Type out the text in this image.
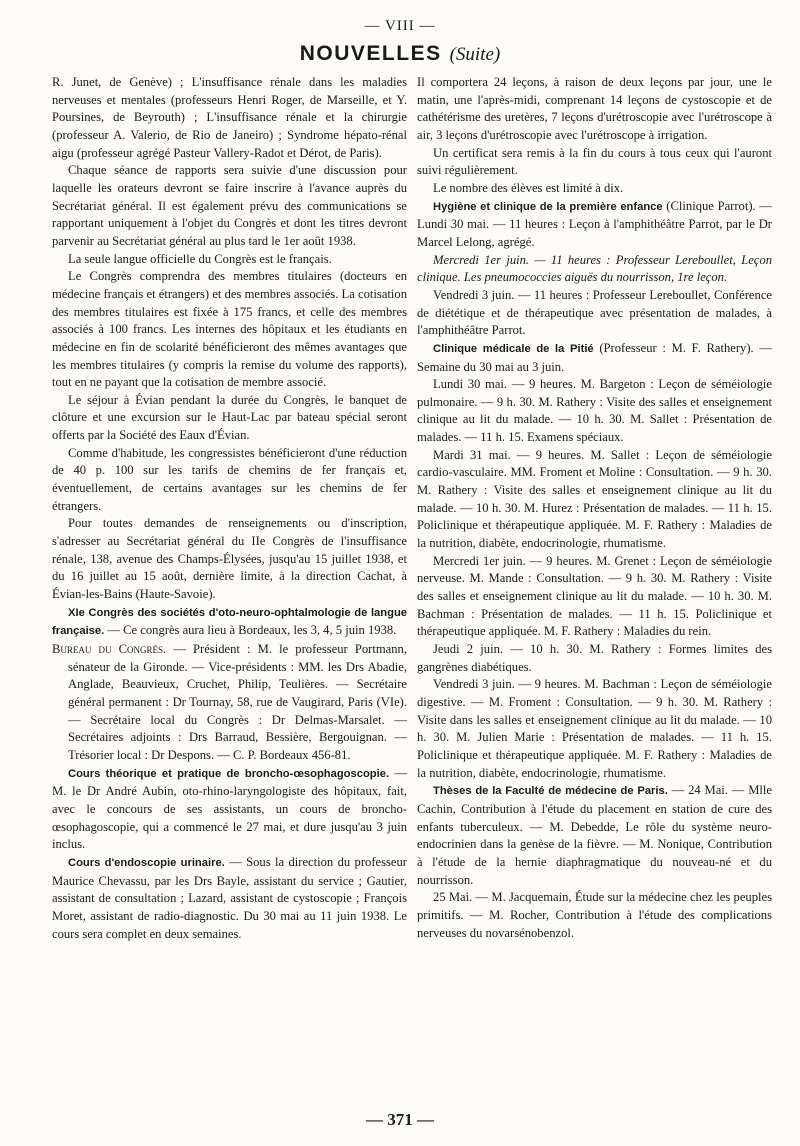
— VIII —
NOUVELLES (Suite)

R. Junet, de Genève) ; L'insuffisance rénale dans les maladies nerveuses et mentales (professeurs Henri Roger, de Marseille, et Y. Poursines, de Beyrouth) ; L'insuffisance rénale et la chirurgie (professeur A. Valerio, de Rio de Janeiro) ; Syndrome hépato-rénal aigu (professeur agrégé Pasteur Vallery-Radot et Dérot, de Paris).

Chaque séance de rapports sera suivie d'une discussion pour laquelle les orateurs devront se faire inscrire à l'avance auprès du Secrétariat général. Il est également prévu des communications se rapportant uniquement à l'objet du Congrès et dont les titres devront parvenir au Secrétariat général au plus tard le 1er août 1938.

La seule langue officielle du Congrès est le français.

Le Congrès comprendra des membres titulaires (docteurs en médecine français et étrangers) et des membres associés. La cotisation des membres titulaires est fixée à 175 francs, et celle des membres associés à 100 francs. Les internes des hôpitaux et les étudiants en médecine en fin de scolarité bénéficieront des mêmes avantages que les membres titulaires (y compris la remise du volume des rapports), tout en ne payant que la cotisation de membre associé.

Le séjour à Évian pendant la durée du Congrès, le banquet de clôture et une excursion sur le Haut-Lac par bateau spécial seront offerts par la Société des Eaux d'Évian.

Comme d'habitude, les congressistes bénéficieront d'une réduction de 40 p. 100 sur les tarifs de chemins de fer français et, éventuellement, de certains avantages sur les chemins de fer étrangers.

Pour toutes demandes de renseignements ou d'inscription, s'adresser au Secrétariat général du IIe Congrès de l'insuffisance rénale, 138, avenue des Champs-Élysées, jusqu'au 15 juillet 1938, et du 16 juillet au 15 août, dernière limite, à la direction Cachat, à Évian-les-Bains (Haute-Savoie).

XIe Congrès des sociétés d'oto-neuro-ophtalmologie de langue française. — Ce congrès aura lieu à Bordeaux, les 3, 4, 5 juin 1938.

Bureau du Congrès. — Président : M. le professeur Portmann, sénateur de la Gironde. — Vice-présidents : MM. les Drs Abadie, Anglade, Beauvieux, Cruchet, Philip, Teulières. — Secrétaire général permanent : Dr Tournay, 58, rue de Vaugirard, Paris (VIe). — Secrétaire local du Congrès : Dr Delmas-Marsalet. — Secrétaires adjoints : Drs Barraud, Bessière, Bergouignan. — Trésorier local : Dr Despons. — C. P. Bordeaux 456-81.

Cours théorique et pratique de broncho-œsophagoscopie. — M. le Dr André Aubin, oto-rhino-laryngologiste des hôpitaux, fait, avec le concours de ses assistants, un cours de broncho-œsophagoscopie, qui a commencé le 27 mai, et dure jusqu'au 3 juin inclus.

Cours d'endoscopie urinaire. — Sous la direction du professeur Maurice Chevassu, par les Drs Bayle, assistant du service ; Gautier, assistant de consultation ; Lazard, assistant de cystoscopie ; François Moret, assistant de radio-diagnostic. Du 30 mai au 11 juin 1938. Le cours sera complet en deux semaines.

Il comportera 24 leçons, à raison de deux leçons par jour, une le matin, une l'après-midi, comprenant 14 leçons de cystoscopie et de cathétérisme des uretères, 7 leçons d'urétroscopie avec l'urétroscope à air, 3 leçons d'urétroscopie avec l'urétroscope à irrigation.

Un certificat sera remis à la fin du cours à tous ceux qui l'auront suivi régulièrement.

Le nombre des élèves est limité à dix.

Hygiène et clinique de la première enfance (Clinique Parrot). — Lundi 30 mai. — 11 heures : Leçon à l'amphithéâtre Parrot, par le Dr Marcel Lelong, agrégé.

Mercredi 1er juin. — 11 heures : Professeur Lereboullet, Leçon clinique. Les pneumococcies aiguës du nourrisson, 1re leçon.

Vendredi 3 juin. — 11 heures : Professeur Lereboullet, Conférence de diététique et de thérapeutique avec présentation de malades, à l'amphithéâtre Parrot.

Clinique médicale de la Pitié (Professeur : M. F. Rathery). — Semaine du 30 mai au 3 juin.

Lundi 30 mai. — 9 heures. M. Bargeton : Leçon de séméiologie pulmonaire. — 9 h. 30. M. Rathery : Visite des salles et enseignement clinique au lit du malade. — 10 h. 30. M. Sallet : Présentation de malades. — 11 h. 15. Examens spéciaux.

Mardi 31 mai. — 9 heures. M. Sallet : Leçon de séméiologie cardio-vasculaire. MM. Froment et Moline : Consultation. — 9 h. 30. M. Rathery : Visite des salles et enseignement clinique au lit du malade. — 10 h. 30. M. Hurez : Présentation de malades. — 11 h. 15. Policlinique et thérapeutique appliquée. M. F. Rathery : Maladies de la nutrition, diabète, endocrinologie, rhumatisme.

Mercredi 1er juin. — 9 heures. M. Grenet : Leçon de séméiologie nerveuse. M. Mande : Consultation. — 9 h. 30. M. Rathery : Visite des salles et enseignement clinique au lit du malade. — 10 h. 30. M. Bachman : Présentation de malades. — 11 h. 15. Policlinique et thérapeutique appliquée. M. F. Rathery : Maladies du rein.

Jeudi 2 juin. — 10 h. 30. M. Rathery : Formes limites des gangrènes diabétiques.

Vendredi 3 juin. — 9 heures. M. Bachman : Leçon de séméiologie digestive. — M. Froment : Consultation. — 9 h. 30. M. Rathery : Visite dans les salles et enseignement clinique au lit du malade. — 10 h. 30. M. Julien Marie : Présentation de malades. — 11 h. 15. Policlinique et thérapeutique appliquée. M. F. Rathery : Maladies de la nutrition, diabète, endocrinologie, rhumatisme.

Thèses de la Faculté de médecine de Paris. — 24 Mai. — Mlle Cachin, Contribution à l'étude du placement en station de cure des enfants tuberculeux. — M. Debedde, Le rôle du système neuro-endocrinien dans la genèse de la fièvre. — M. Nonique, Contribution à l'étude de la hernie diaphragmatique du nouveau-né et du nourrisson.

25 Mai. — M. Jacquemain, Étude sur la médecine chez les peuples primitifs. — M. Rocher, Contribution à l'étude des complications nerveuses du novarsénobenzol.

— 371 —
